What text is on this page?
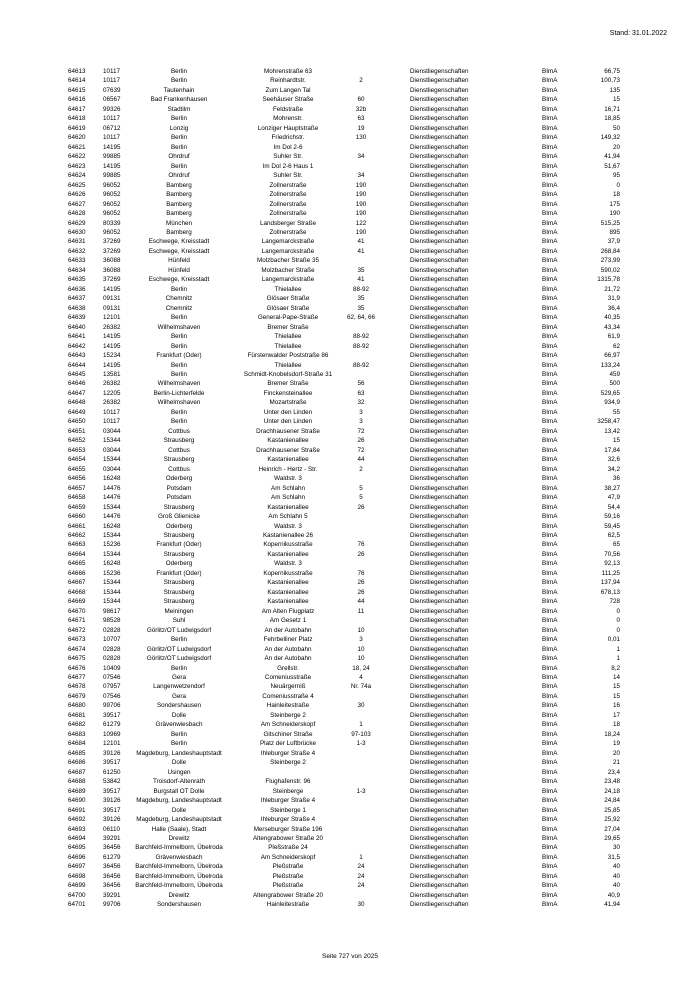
Stand: 31.01.2022
64613	10117	Berlin	Mohrenstraße 63	Dienstliegenschaften	BImA	66,75
64614	10117	Berlin	Reinhardtstr.	2	Dienstliegenschaften	BImA	100,73
64615	07639	Tautenhain	Zum Langen Tal	Dienstliegenschaften	BImA	135
64616	06567	Bad Frankenhausen	Seehäuser Straße	60	Dienstliegenschaften	BImA	15
64617	99326	Stadtilm	Feldstraße	32b	Dienstliegenschaften	BImA	16,71
64618	10117	Berlin	Mohrenstr.	63	Dienstliegenschaften	BImA	18,85
64619	06712	Lonzig	Lonziger Hauptstraße	19	Dienstliegenschaften	BImA	50
64620	10117	Berlin	Friedrichstr.	130	Dienstliegenschaften	BImA	149,32
64621	14195	Berlin	Im Dol 2-6	Dienstliegenschaften	BImA	20
64622	99885	Ohrdruf	Suhler Str.	34	Dienstliegenschaften	BImA	41,94
64623	14195	Berlin	Im Dol 2-6 Haus 1	Dienstliegenschaften	BImA	51,67
64624	99885	Ohrdruf	Suhler Str.	34	Dienstliegenschaften	BImA	95
64625	96052	Bamberg	Zollnerstraße	190	Dienstliegenschaften	BImA	0
64626	96052	Bamberg	Zollnerstraße	190	Dienstliegenschaften	BImA	18
64627	96052	Bamberg	Zollnerstraße	190	Dienstliegenschaften	BImA	175
64628	96052	Bamberg	Zollnerstraße	190	Dienstliegenschaften	BImA	190
64629	80339	München	Landsberger Straße	122	Dienstliegenschaften	BImA	515,25
64630	96052	Bamberg	Zollnerstraße	190	Dienstliegenschaften	BImA	895
64631	37269	Eschwege, Kreisstadt	Langemarckstraße	41	Dienstliegenschaften	BImA	37,9
64632	37269	Eschwege, Kreisstadt	Langemarckstraße	41	Dienstliegenschaften	BImA	268,84
64633	36088	Hünfeld	Molzbacher Straße 35	Dienstliegenschaften	BImA	273,99
64634	36088	Hünfeld	Molzbacher Straße	35	Dienstliegenschaften	BImA	590,02
64635	37269	Eschwege, Kreisstadt	Langemarckstraße	41	Dienstliegenschaften	BImA	1315,78
64636	14195	Berlin	Thielallee	88-92	Dienstliegenschaften	BImA	21,72
64637	09131	Chemnitz	Glösaer Straße	35	Dienstliegenschaften	BImA	31,9
64638	09131	Chemnitz	Glösaer Straße	35	Dienstliegenschaften	BImA	36,4
64639	12101	Berlin	General-Pape-Straße	62, 64, 66	Dienstliegenschaften	BImA	40,35
64640	26382	Wilhelmshaven	Bremer Straße	Dienstliegenschaften	BImA	43,34
64641	14195	Berlin	Thielallee	88-92	Dienstliegenschaften	BImA	61,9
64642	14195	Berlin	Thielallee	88-92	Dienstliegenschaften	BImA	62
64643	15234	Frankfurt (Oder)	Fürstenwalder Poststraße 86	Dienstliegenschaften	BImA	66,97
64644	14195	Berlin	Thielallee	88-92	Dienstliegenschaften	BImA	133,24
64645	13581	Berlin	Schmidt-Knobelsdorf-Straße 31	Dienstliegenschaften	BImA	459
64646	26382	Wilhelmshaven	Bremer Straße	56	Dienstliegenschaften	BImA	500
64647	12205	Berlin-Lichterfelde	Finckensteinallee	63	Dienstliegenschaften	BImA	529,65
64648	26382	Wilhelmshaven	Mozartstraße	32	Dienstliegenschaften	BImA	934,9
64649	10117	Berlin	Unter den Linden	3	Dienstliegenschaften	BImA	55
64650	10117	Berlin	Unter den Linden	3	Dienstliegenschaften	BImA	3258,47
64651	03044	Cottbus	Drachhausener Straße	72	Dienstliegenschaften	BImA	13,42
64652	15344	Strausberg	Kastanienallee	26	Dienstliegenschaften	BImA	15
64653	03044	Cottbus	Drachhausener Straße	72	Dienstliegenschaften	BImA	17,84
64654	15344	Strausberg	Kastanienallee	44	Dienstliegenschaften	BImA	32,6
64655	03044	Cottbus	Heinrich - Hertz - Str.	2	Dienstliegenschaften	BImA	34,2
64656	16248	Oderberg	Waldstr. 3	Dienstliegenschaften	BImA	36
64657	14476	Potsdam	Am Schlahn	5	Dienstliegenschaften	BImA	38,27
64658	14476	Potsdam	Am Schlahn	5	Dienstliegenschaften	BImA	47,9
64659	15344	Strausberg	Kastanienallee	26	Dienstliegenschaften	BImA	54,4
64660	14476	Groß Glienicke	Am Schlahn 5	Dienstliegenschaften	BImA	59,16
64661	16248	Oderberg	Waldstr. 3	Dienstliegenschaften	BImA	59,45
64662	15344	Strausberg	Kastanienallee 26	Dienstliegenschaften	BImA	62,5
64663	15236	Frankfurt (Oder)	Kopernikusstraße	76	Dienstliegenschaften	BImA	65
64664	15344	Strausberg	Kastanienallee	26	Dienstliegenschaften	BImA	70,56
64665	16248	Oderberg	Waldstr. 3	Dienstliegenschaften	BImA	92,13
64666	15236	Frankfurt (Oder)	Kopernikusstraße	76	Dienstliegenschaften	BImA	111,25
64667	15344	Strausberg	Kastanienallee	26	Dienstliegenschaften	BImA	137,94
64668	15344	Strausberg	Kastanienallee	26	Dienstliegenschaften	BImA	678,13
64669	15344	Strausberg	Kastanienallee	44	Dienstliegenschaften	BImA	728
64670	98617	Meiningen	Am Alten Flugplatz	11	Dienstliegenschaften	BImA	0
64671	98528	Suhl	Am Gesetz 1	Dienstliegenschaften	BImA	0
64672	02828	Görlitz/OT Ludwigsdorf	An der Autobahn	10	Dienstliegenschaften	BImA	0
64673	10707	Berlin	Fehrbelliner Platz	3	Dienstliegenschaften	BImA	0,01
64674	02828	Görlitz/OT Ludwigsdorf	An der Autobahn	10	Dienstliegenschaften	BImA	1
64675	02828	Görlitz/OT Ludwigsdorf	An der Autobahn	10	Dienstliegenschaften	BImA	1
64676	10409	Berlin	Grellstr.	18, 24	Dienstliegenschaften	BImA	8,2
64677	07546	Gera	Comeniusstraße	4	Dienstliegenschaften	BImA	14
64678	07957	Langenwetzendorf	Neuärgerniß	Nr. 74a	Dienstliegenschaften	BImA	15
64679	07546	Gera	Comeniusstraße 4	Dienstliegenschaften	BImA	15
64680	99706	Sondershausen	Hainleitestraße	30	Dienstliegenschaften	BImA	16
64681	39517	Dolle	Steinberge 2	Dienstliegenschaften	BImA	17
64682	61279	Grävenwiesbach	Am Schneiderskopf	1	Dienstliegenschaften	BImA	18
64683	10969	Berlin	Gitschiner Straße	97-103	Dienstliegenschaften	BImA	18,24
64684	12101	Berlin	Platz der Luftbrücke	1-3	Dienstliegenschaften	BImA	19
64685	39126	Magdeburg, Landeshauptstadt	Ihleburger Straße 4	Dienstliegenschaften	BImA	20
64686	39517	Dolle	Steinberge 2	Dienstliegenschaften	BImA	21
64687	61250	Usingen	Dienstliegenschaften	BImA	23,4
64688	53842	Troisdorf-Altenrath	Flughafenstr. 96	Dienstliegenschaften	BImA	23,48
64689	39517	Burgstall OT Dolle	Steinberge	1-3	Dienstliegenschaften	BImA	24,18
64690	39126	Magdeburg, Landeshauptstadt	Ihleburger Straße 4	Dienstliegenschaften	BImA	24,84
64691	39517	Dolle	Steinberge 1	Dienstliegenschaften	BImA	25,85
64692	39126	Magdeburg, Landeshauptstadt	Ihleburger Straße 4	Dienstliegenschaften	BImA	25,92
64693	06110	Halle (Saale), Stadt	Merseburger Straße 196	Dienstliegenschaften	BImA	27,04
64694	39291	Drewitz	Altengrabower Straße 20	Dienstliegenschaften	BImA	29,65
64695	36456	Barchfeld-Immelborn, Übelroda	Pleßstraße 24	Dienstliegenschaften	BImA	30
64696	61279	Grävenwiesbach	Am Schneiderskopf	1	Dienstliegenschaften	BImA	31,5
64697	36456	Barchfeld-Immelborn, Übelroda	Pleßstraße	24	Dienstliegenschaften	BImA	40
64698	36456	Barchfeld-Immelborn, Übelroda	Pleßstraße	24	Dienstliegenschaften	BImA	40
64699	36456	Barchfeld-Immelborn, Übelroda	Pleßstraße	24	Dienstliegenschaften	BImA	40
64700	39291	Drewitz	Altengrabower Straße 20	Dienstliegenschaften	BImA	40,9
64701	99706	Sondershausen	Hainleitestraße	30	Dienstliegenschaften	BImA	41,94
Seite 727 von 2025
